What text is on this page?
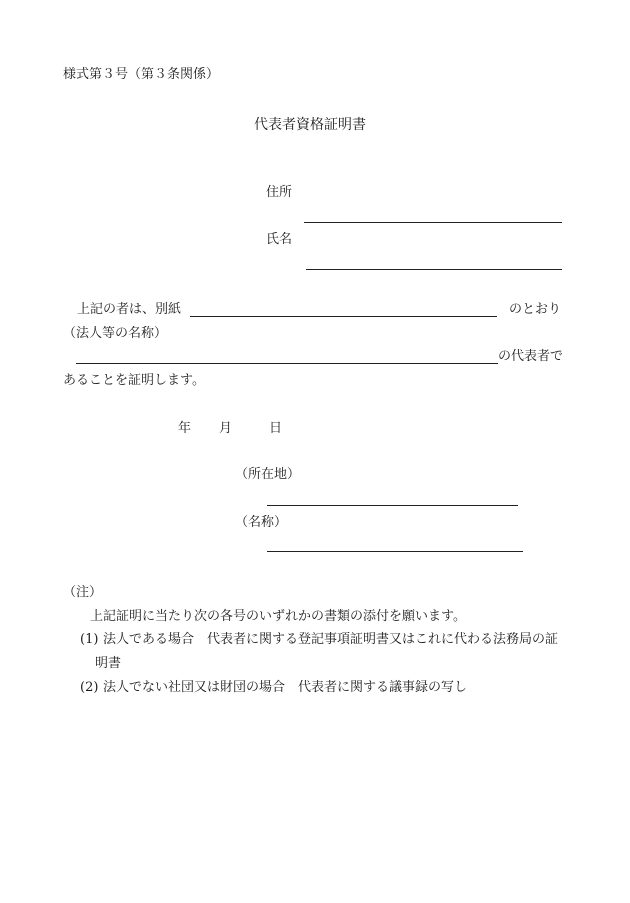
様式第３号（第３条関係）
代表者資格証明書
住所
氏名
上記の者は、別紙	のとおり
（法人等の名称）
の代表者で
あることを証明します。
年 月	日
（所在地）
（名称）
（注）
上記証明に当たり次の各号のいずれかの書類の添付を願います。
(1) 法人である場合　代表者に関する登記事項証明書又はこれに代わる法務局の証
明書
(2) 法人でない社団又は財団の場合　代表者に関する議事録の写し
